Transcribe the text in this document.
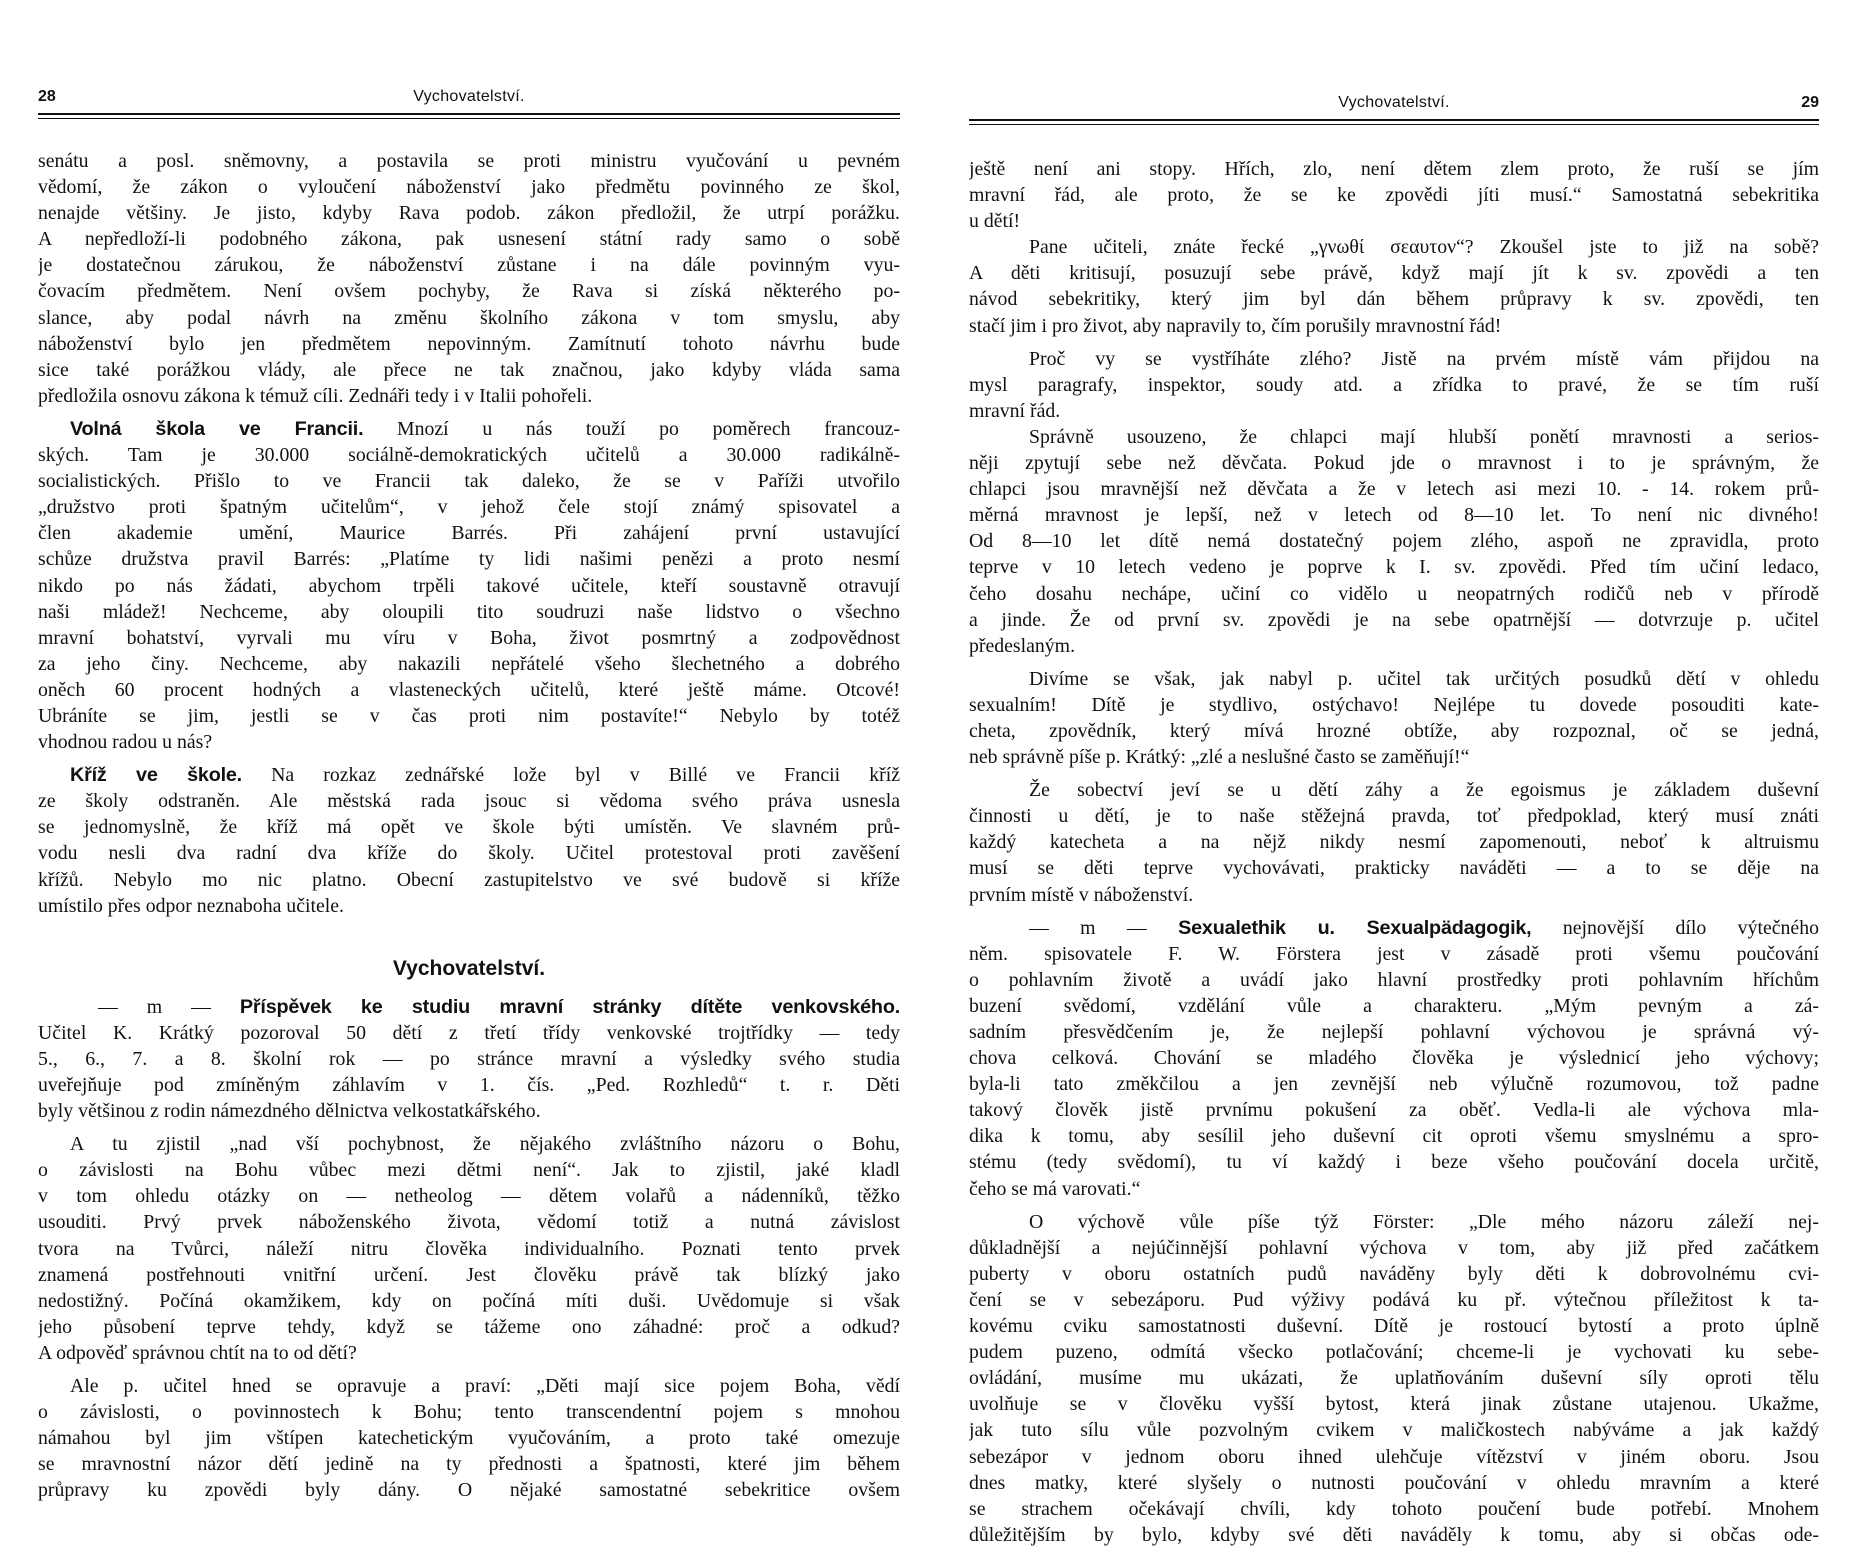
28	Vychovatelství.
senátu a posl. sněmovny, a postavila se proti ministru vyučování u pevném
vědomí, že zákon o vyloučení náboženství jako předmětu povinného ze škol,
nenajde většiny. Je jisto, kdyby Rava podob. zákon předložil, že utrpí porážku.
A nepředloží-li podobného zákona, pak usnesení státní rady samo o sobě
je dostatečnou zárukou, že náboženství zůstane i na dále povinným vyu-
čovacím předmětem. Není ovšem pochyby, že Rava si získá některého po-
slance, aby podal návrh na změnu školního zákona v tom smyslu, aby
náboženství bylo jen předmětem nepovinným. Zamítnutí tohoto návrhu bude
sice také porážkou vlády, ale přece ne tak značnou, jako kdyby vláda sama
předložila osnovu zákona k témuž cíli. Zednáři tedy i v Italii pohořeli.
Volná škola ve Francii. Mnozí u nás touží po poměrech francouz-
ských. Tam je 30.000 sociálně-demokratických učitelů a 30.000 radikálně-
socialistických. Přišlo to ve Francii tak daleko, že se v Paříži utvořilo
„družstvo proti špatným učitelům“, v jehož čele stojí známý spisovatel a
člen akademie umění, Maurice Barrés. Při zahájení první ustavující
schůze družstva pravil Barrés: „Platíme ty lidi našimi penězi a proto nesmí
nikdo po nás žádati, abychom trpěli takové učitele, kteří soustavně otravují
naši mládež! Nechceme, aby oloupili tito soudruzi naše lidstvo o všechno
mravní bohatství, vyrvali mu víru v Boha, život posmrtný a zodpovědnost
za jeho činy. Nechceme, aby nakazili nepřátelé všeho šlechetného a dobrého
oněch 60 procent hodných a vlasteneckých učitelů, které ještě máme. Otcové!
Ubráníte se jim, jestli se v čas proti nim postavíte!“ Nebylo by totéž
vhodnou radou u nás?
Kříž ve škole. Na rozkaz zednářské lože byl v Billé ve Francii kříž
ze školy odstraněn. Ale městská rada jsouc si vědoma svého práva usnesla
se jednomyslně, že kříž má opět ve škole býti umístěn. Ve slavném prů-
vodu nesli dva radní dva kříže do školy. Učitel protestoval proti zavěšení
křížů. Nebylo mo nic platno. Obecní zastupitelstvo ve své budově si kříže
umístilo přes odpor neznaboha učitele.
Vychovatelství.
— m — Příspěvek ke studiu mravní stránky dítěte venkovského.
Učitel K. Krátký pozoroval 50 dětí z třetí třídy venkovské trojtřídky — tedy
5., 6., 7. a 8. školní rok — po stránce mravní a výsledky svého studia
uveřejňuje pod zmíněným záhlavím v 1. čís. „Ped. Rozhledů“ t. r. Děti
byly většinou z rodin námezdného dělnictva velkostatkářského.
A tu zjistil „nad vší pochybnost, že nějakého zvláštního názoru o Bohu,
o závislosti na Bohu vůbec mezi dětmi není“. Jak to zjistil, jaké kladl
v tom ohledu otázky on — netheolog — dětem volařů a nádenníků, těžko
usouditi. Prvý prvek náboženského života, vědomí totiž a nutná závislost
tvora na Tvůrci, náleží nitru člověka individualního. Poznati tento prvek
znamená postřehnouti vnitřní určení. Jest člověku právě tak blízký jako
nedostižný. Počíná okamžikem, kdy on počíná míti duši. Uvědomuje si však
jeho působení teprve tehdy, když se tážeme ono záhadné: proč a odkud?
A odpověď správnou chtít na to od dětí?
Ale p. učitel hned se opravuje a praví: „Děti mají sice pojem Boha, vědí
o závislosti, o povinnostech k Bohu; tento transcendentní pojem s mnohou
námahou byl jim vštípen katechetickým vyučováním, a proto také omezuje
se mravnostní názor dětí jedině na ty přednosti a špatnosti, které jim během
průpravy ku zpovědi byly dány. O nějaké samostatné sebekritice ovšem
Vychovatelství.	29
ještě není ani stopy. Hřích, zlo, není dětem zlem proto, že ruší se jím
mravní řád, ale proto, že se ke zpovědi jíti musí.“ Samostatná sebekritika
u dětí!
Pane učiteli, znáte řecké „γνωθί σεαυτον“? Zkoušel jste to již na sobě?
A děti kritisují, posuzují sebe právě, když mají jít k sv. zpovědi a ten
návod sebekritiky, který jim byl dán během průpravy k sv. zpovědi, ten
stačí jim i pro život, aby napravily to, čím porušily mravnostní řád!
Proč vy se vystříháte zlého? Jistě na prvém místě vám přijdou na
mysl paragrafy, inspektor, soudy atd. a zřídka to pravé, že se tím ruší
mravní řád.
Správně usouzeno, že chlapci mají hlubší ponětí mravnosti a serios-
něji zpytují sebe než děvčata. Pokud jde o mravnost i to je správným, že
chlapci jsou mravnější než děvčata a že v letech asi mezi 10. - 14. rokem prů-
měrná mravnost je lepší, než v letech od 8—10 let. To není nic divného!
Od 8—10 let dítě nemá dostatečný pojem zlého, aspoň ne zpravidla, proto
teprve v 10 letech vedeno je poprve k I. sv. zpovědi. Před tím učiní ledaco,
čeho dosahu nechápe, učiní co vidělo u neopatrných rodičů neb v přírodě
a jinde. Že od první sv. zpovědi je na sebe opatrnější — dotvrzuje p. učitel
předeslaným.
Divíme se však, jak nabyl p. učitel tak určitých posudků dětí v ohledu
sexualním! Dítě je stydlivo, ostýchavo! Nejlépe tu dovede posouditi kate-
cheta, zpovědník, který mívá hrozné obtíže, aby rozpoznal, oč se jedná,
neb správně píše p. Krátký: „zlé a neslušné často se zaměňují!“
Že sobectví jeví se u dětí záhy a že egoismus je základem duševní
činnosti u dětí, je to naše stěžejná pravda, toť předpoklad, který musí znáti
každý katecheta a na nějž nikdy nesmí zapomenouti, neboť k altruismu
musí se děti teprve vychovávati, prakticky naváděti — a to se děje na
prvním místě v náboženství.
— m — Sexualethik u. Sexualpädagogik, nejnovější dílo výtečného
něm. spisovatele F. W. Förstera jest v zásadě proti všemu poučování
o pohlavním životě a uvádí jako hlavní prostředky proti pohlavním hříchům
buzení svědomí, vzdělání vůle a charakteru. „Mým pevným a zá-
sadním přesvědčením je, že nejlepší pohlavní výchovou je správná vý-
chova celková. Chování se mladého člověka je výslednicí jeho výchovy;
byla-li tato změkčilou a jen zevnější neb výlučně rozumovou, tož padne
takový člověk jistě prvnímu pokušení za oběť. Vedla-li ale výchova mla-
dika k tomu, aby sesílil jeho duševní cit oproti všemu smyslnému a spro-
stému (tedy svědomí), tu ví každý i beze všeho poučování docela určitě,
čeho se má varovati.“
O výchově vůle píše týž Förster: „Dle mého názoru záleží nej-
důkladnější a nejúčinnější pohlavní výchova v tom, aby již před začátkem
puberty v oboru ostatních pudů naváděny byly děti k dobrovolnému cvi-
čení se v sebezáporu. Pud výživy podává ku př. výtečnou příležitost k ta-
kovému cviku samostatnosti duševní. Dítě je rostoucí bytostí a proto úplně
pudem puzeno, odmítá všecko potlačování; chceme-li je vychovati ku sebe-
ovládání, musíme mu ukázati, že uplatňováním duševní síly oproti tělu
uvolňuje se v člověku vyšší bytost, která jinak zůstane utajenou. Ukažme,
jak tuto sílu vůle pozvolným cvikem v maličkostech nabýváme a jak každý
sebezápor v jednom oboru ihned ulehčuje vítězství v jiném oboru. Jsou
dnes matky, které slyšely o nutnosti poučování v ohledu mravním a které
se strachem očekávají chvíli, kdy tohoto poučení bude potřebí. Mnohem
důležitějším by bylo, kdyby své děti naváděly k tomu, aby si občas ode-
